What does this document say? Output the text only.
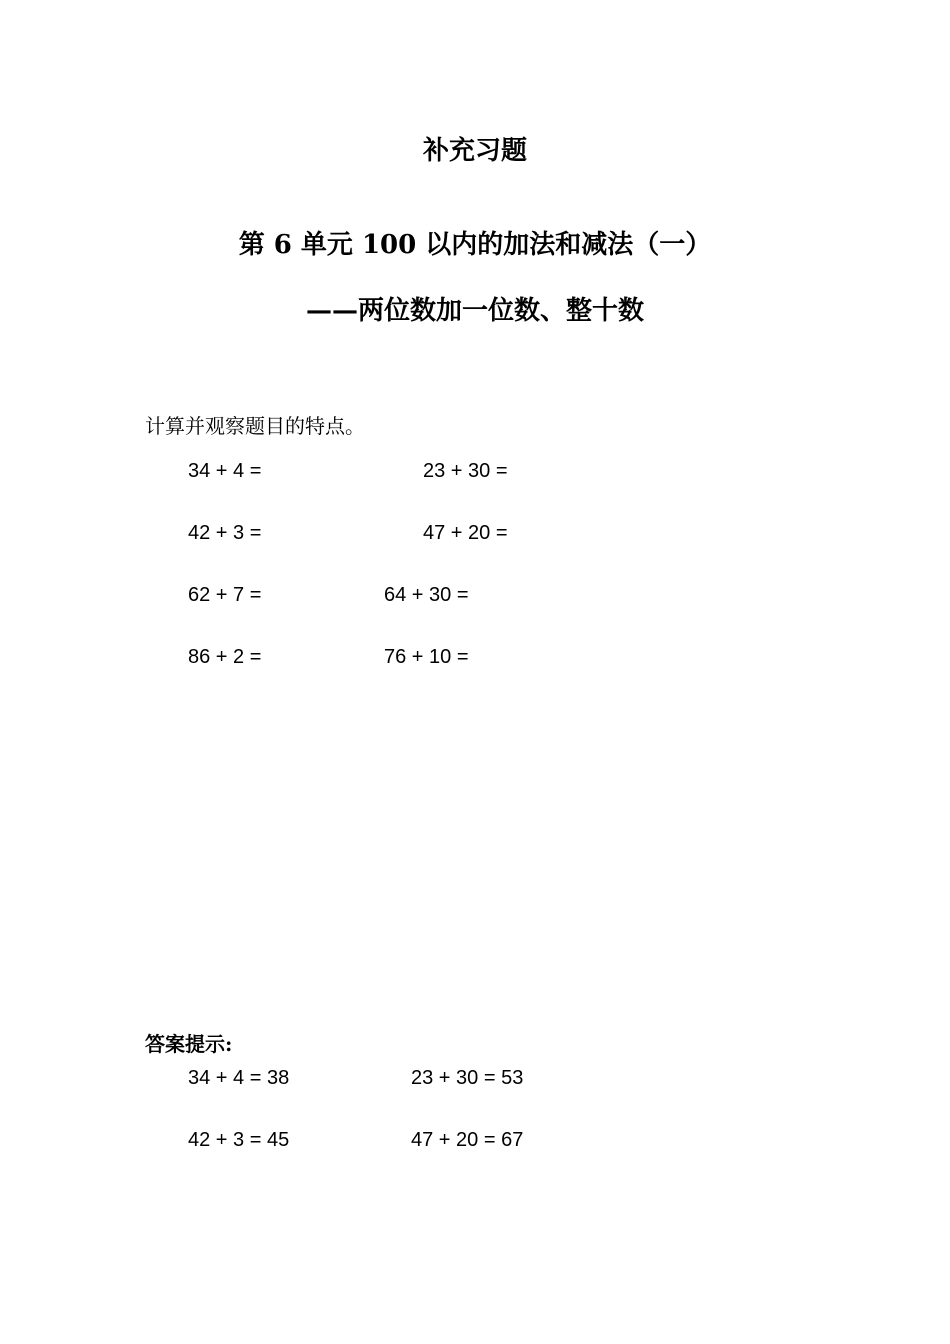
补充习题
第 6 单元 100 以内的加法和减法（一）
——两位数加一位数、整十数
计算并观察题目的特点。
34 + 4 =	23 + 30 =
42 + 3 =	47 + 20 =
62 + 7 =	64 + 30 =
86 + 2 =	76 + 10 =
答案提示:
34 + 4 = 38	23 + 30 = 53
42 + 3 = 45	47 + 20 = 67
